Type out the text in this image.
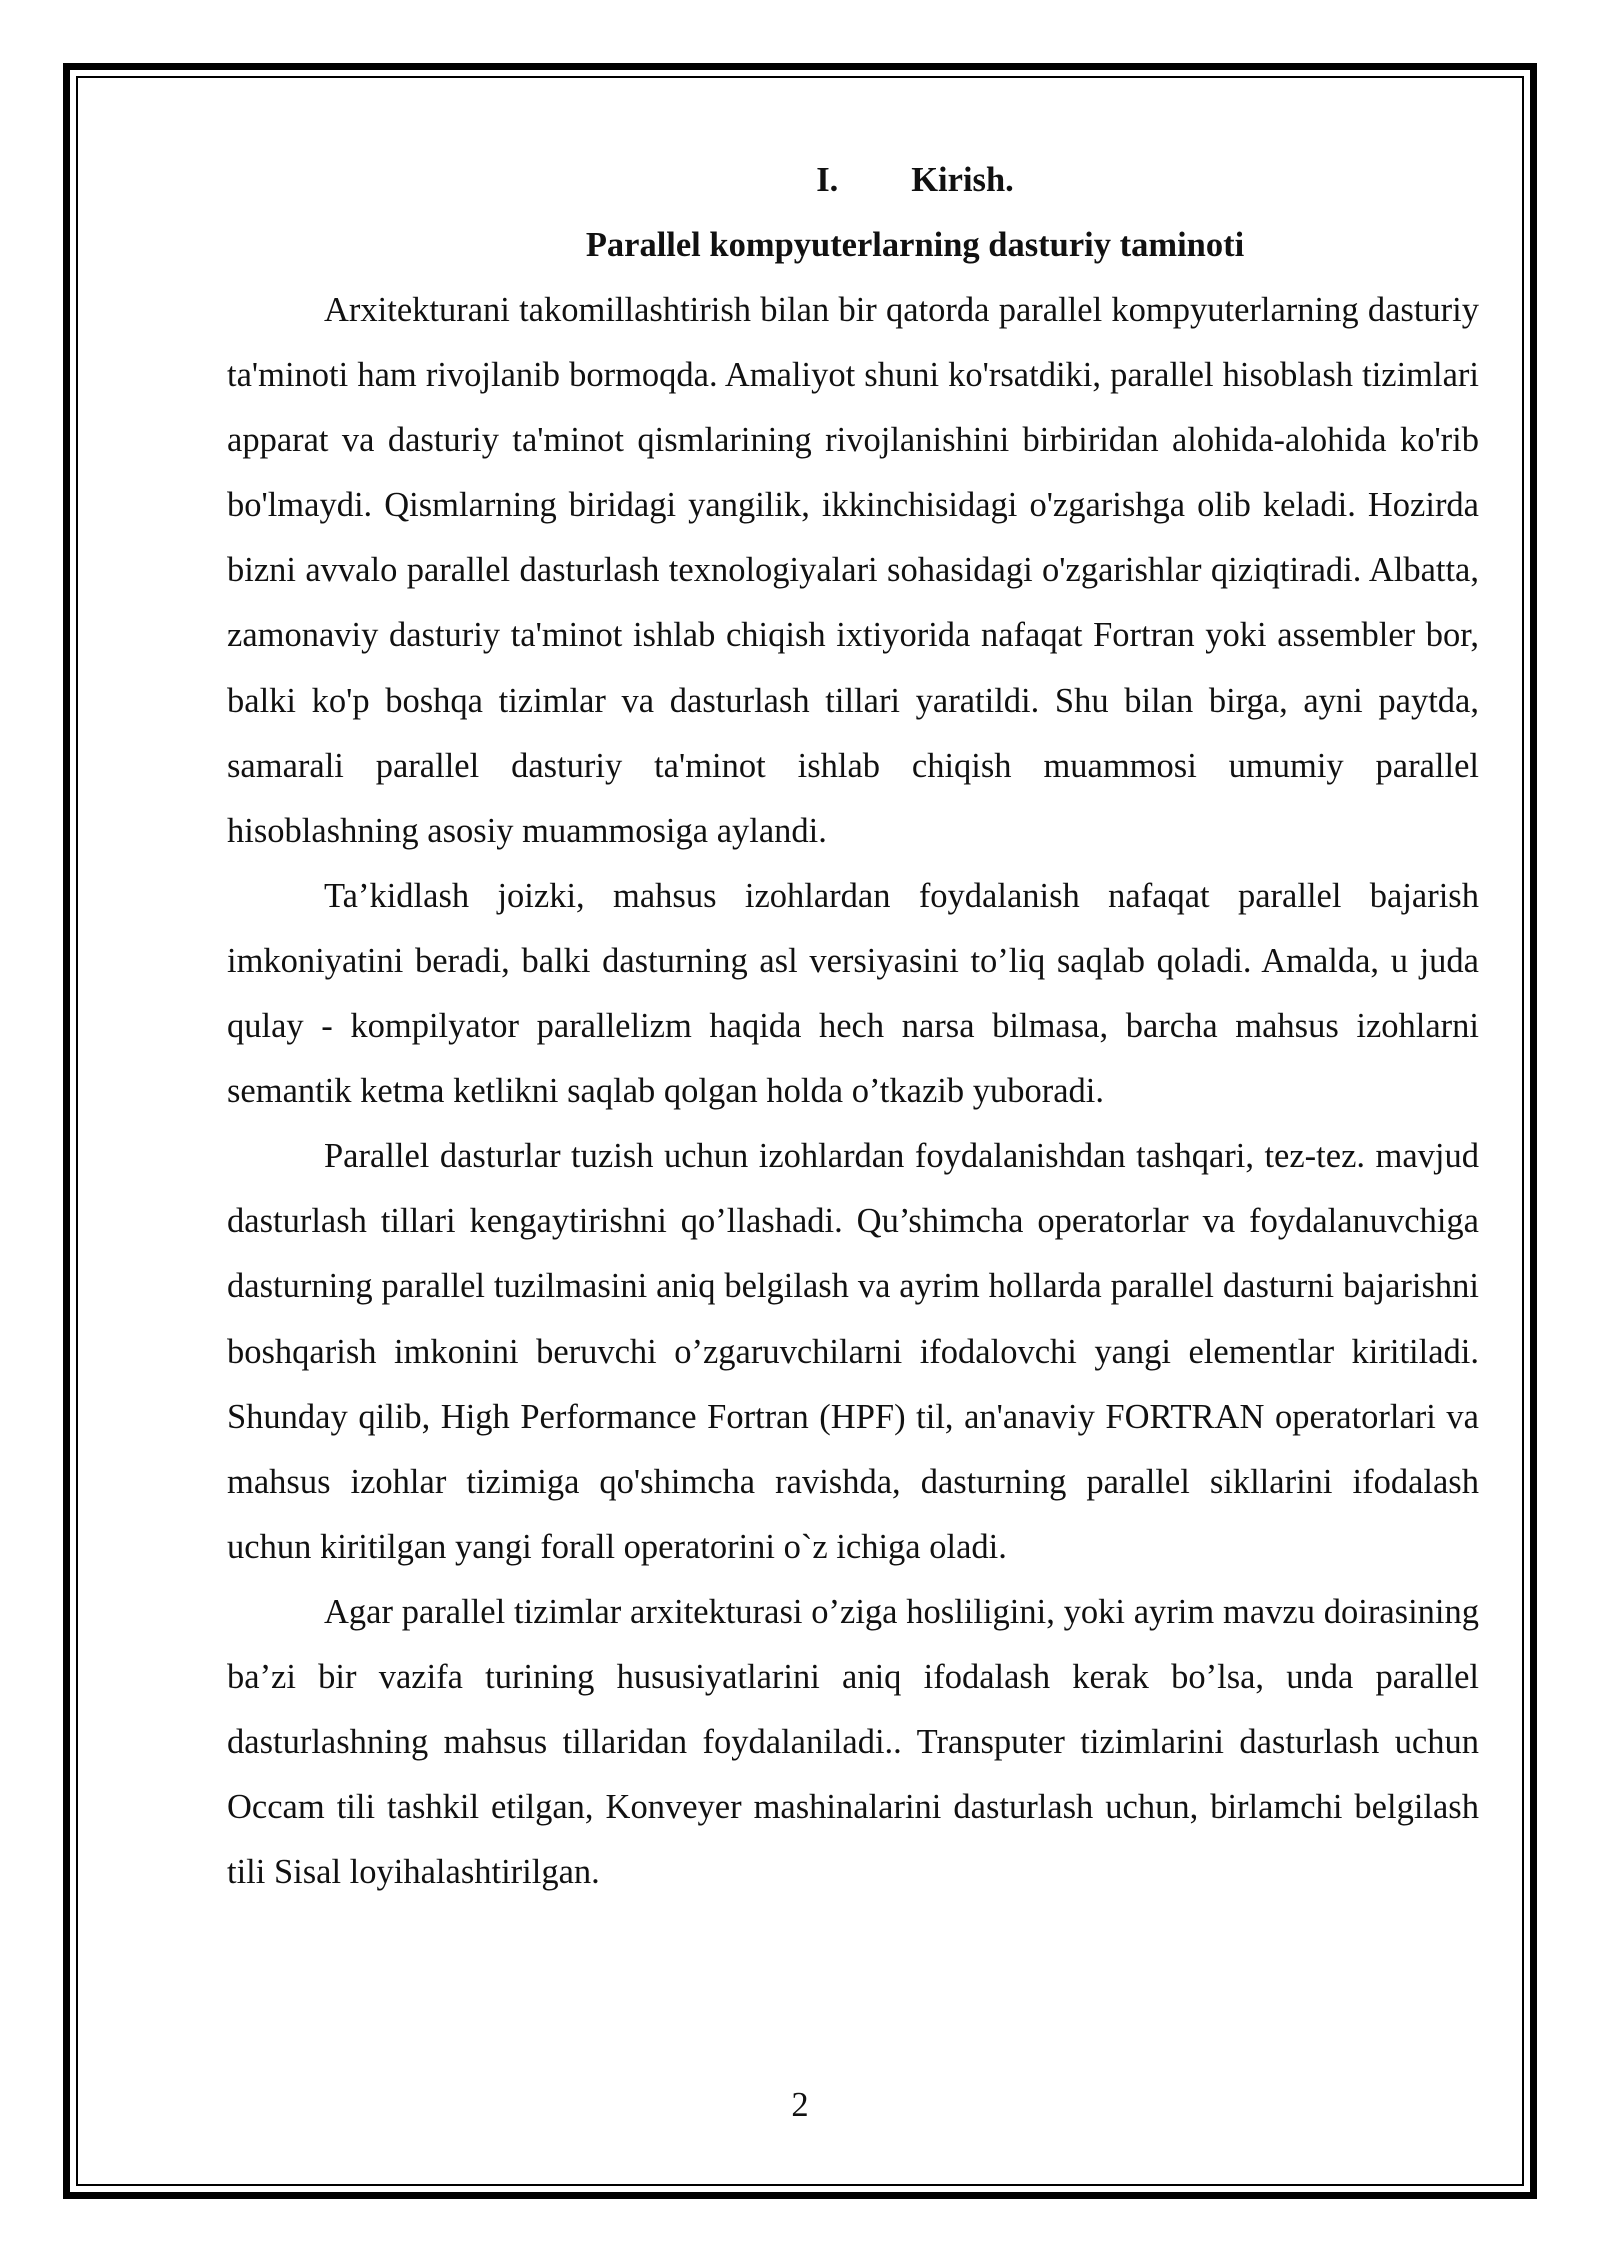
I. Kirish.
Parallel kompyuterlarning dasturiy taminoti

Arxitekturani takomillashtirish bilan bir qatorda parallel kompyuterlarning dasturiy ta'minoti ham rivojlanib bormoqda. Amaliyot shuni ko'rsatdiki, parallel hisoblash tizimlari apparat va dasturiy ta'minot qismlarining rivojlanishini birbiridan alohida-alohida ko'rib bo'lmaydi. Qismlarning biridagi yangilik, ikkinchisidagi o'zgarishga olib keladi. Hozirda bizni avvalo parallel dasturlash texnologiyalari sohasidagi o'zgarishlar qiziqtiradi. Albatta, zamonaviy dasturiy ta'minot ishlab chiqish ixtiyorida nafaqat Fortran yoki assembler bor, balki ko'p boshqa tizimlar va dasturlash tillari yaratildi. Shu bilan birga, ayni paytda, samarali parallel dasturiy ta'minot ishlab chiqish muammosi umumiy parallel hisoblashning asosiy muammosiga aylandi.

Ta’kidlash joizki, mahsus izohlardan foydalanish nafaqat parallel bajarish imkoniyatini beradi, balki dasturning asl versiyasini to’liq saqlab qoladi. Amalda, u juda qulay - kompilyator parallelizm haqida hech narsa bilmasa, barcha mahsus izohlarni semantik ketma ketlikni saqlab qolgan holda o’tkazib yuboradi.

Parallel dasturlar tuzish uchun izohlardan foydalanishdan tashqari, tez-tez. mavjud dasturlash tillari kengaytirishni qo’llashadi. Qu’shimcha operatorlar va foydalanuvchiga dasturning parallel tuzilmasini aniq belgilash va ayrim hollarda parallel dasturni bajarishni boshqarish imkonini beruvchi o’zgaruvchilarni ifodalovchi yangi elementlar kiritiladi. Shunday qilib, High Performance Fortran (HPF) til, an'anaviy FORTRAN operatorlari va mahsus izohlar tizimiga qo'shimcha ravishda, dasturning parallel sikllarini ifodalash uchun kiritilgan yangi forall operatorini o`z ichiga oladi.

Agar parallel tizimlar arxitekturasi o’ziga hosliligini, yoki ayrim mavzu doirasining ba’zi bir vazifa turining hususiyatlarini aniq ifodalash kerak bo’lsa, unda parallel dasturlashning mahsus tillaridan foydalaniladi.. Transputer tizimlarini dasturlash uchun Occam tili tashkil etilgan, Konveyer mashinalarini dasturlash uchun, birlamchi belgilash tili Sisal loyihalashtirilgan.

2
